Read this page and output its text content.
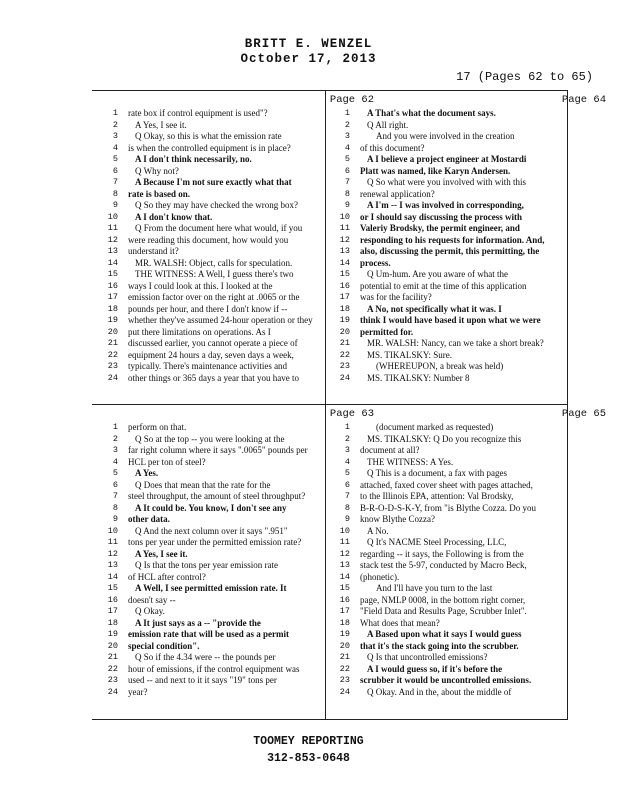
BRITT E. WENZEL
October 17, 2013
17 (Pages 62 to 65)
Page 62
1 rate box if control equipment is used"?
2	A Yes, I see it.
3	Q Okay, so this is what the emission rate
4 is when the controlled equipment is in place?
5	A I don't think necessarily, no.
6	Q Why not?
7	A Because I'm not sure exactly what that
8 rate is based on.
9	Q So they may have checked the wrong box?
10	A I don't know that.
11	Q From the document here what would, if you
12 were reading this document, how would you
13 understand it?
14	MR. WALSH: Object, calls for speculation.
15	THE WITNESS: A Well, I guess there's two
16 ways I could look at this. I looked at the
17 emission factor over on the right at .0065 or the
18 pounds per hour, and there I don't know if --
19 whether they've assumed 24-hour operation or they
20 put there limitations on operations. As I
21 discussed earlier, you cannot operate a piece of
22 equipment 24 hours a day, seven days a week,
23 typically. There's maintenance activities and
24 other things or 365 days a year that you have to
Page 64
1	A That's what the document says.
2	Q All right.
3	And you were involved in the creation
4 of this document?
5	A I believe a project engineer at Mostardi
6 Platt was named, like Karyn Andersen.
7	Q So what were you involved with with this
8 renewal application?
9	A I'm -- I was involved in corresponding,
10 or I should say discussing the process with
11 Valeriy Brodsky, the permit engineer, and
12 responding to his requests for information. And,
13 also, discussing the permit, this permitting, the
14 process.
15	Q Um-hum. Are you aware of what the
16 potential to emit at the time of this application
17 was for the facility?
18	A No, not specifically what it was. I
19 think I would have based it upon what we were
20 permitted for.
21	MR. WALSH: Nancy, can we take a short break?
22	MS. TIKALSKY: Sure.
23	(WHEREUPON, a break was held)
24	MS. TIKALSKY: Number 8
Page 63
1 perform on that.
2	Q So at the top -- you were looking at the
3 far right column where it says ".0065" pounds per
4 HCL per ton of steel?
5	A Yes.
6	Q Does that mean that the rate for the
7 steel throughput, the amount of steel throughput?
8	A It could be. You know, I don't see any
9 other data.
10	Q And the next column over it says ".951"
11 tons per year under the permitted emission rate?
12	A Yes, I see it.
13	Q Is that the tons per year emission rate
14 of HCL after control?
15	A Well, I see permitted emission rate. It
16 doesn't say --
17	Q Okay.
18	A It just says as a -- "provide the
19 emission rate that will be used as a permit
20 special condition".
21	Q So if the 4.34 were -- the pounds per
22 hour of emissions, if the control equipment was
23 used -- and next to it it says "19" tons per
24 year?
Page 65
1	(document marked as requested)
2	MS. TIKALSKY: Q Do you recognize this
3 document at all?
4	THE WITNESS: A Yes.
5	Q This is a document, a fax with pages
6 attached, faxed cover sheet with pages attached,
7 to the Illinois EPA, attention: Val Brodsky,
8 B-R-O-D-S-K-Y, from "is Blythe Cozza. Do you
9 know Blythe Cozza?
10	A No.
11	Q It's NACME Steel Processing, LLC,
12 regarding -- it says, the Following is from the
13 stack test the 5-97, conducted by Macro Beck,
14 (phonetic).
15	And I'll have you turn to the last
16 page, NMLP 0008, in the bottom right corner,
17 "Field Data and Results Page, Scrubber Inlet".
18 What does that mean?
19	A Based upon what it says I would guess
20 that it's the stack going into the scrubber.
21	Q Is that uncontrolled emissions?
22	A I would guess so, if it's before the
23 scrubber it would be uncontrolled emissions.
24	Q Okay. And in the, about the middle of
TOOMEY REPORTING
312-853-0648
